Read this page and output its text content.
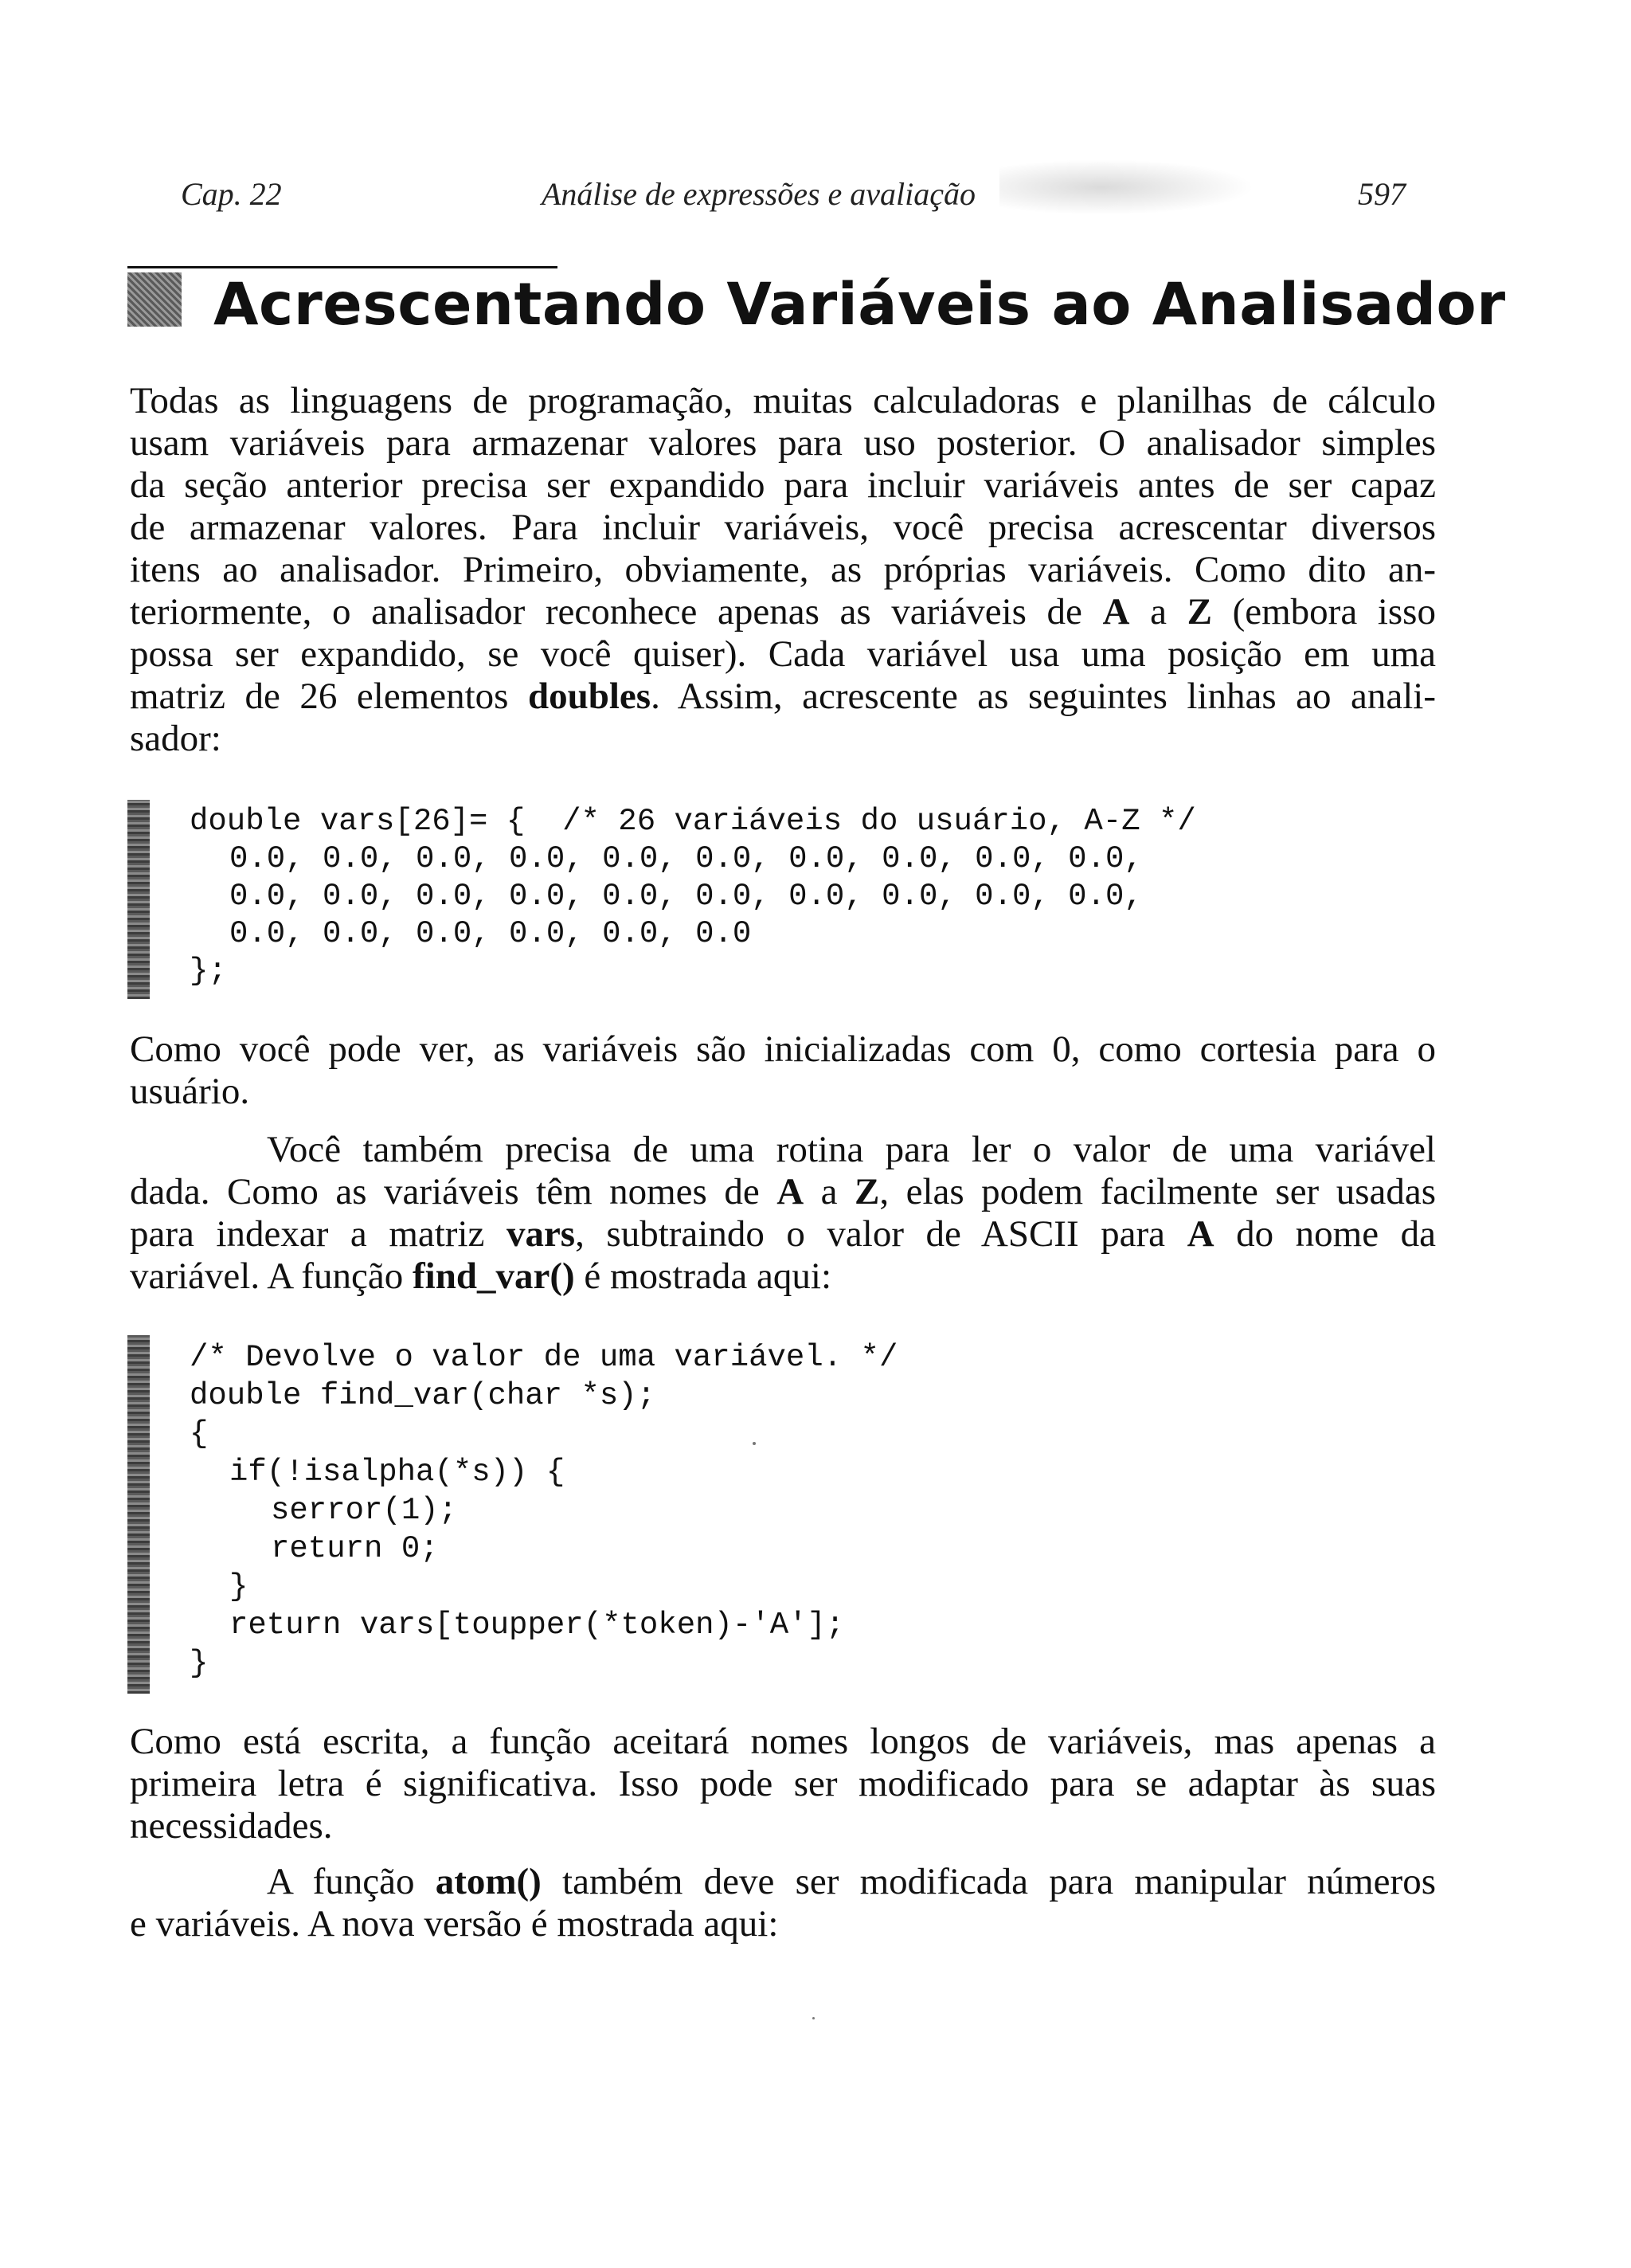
Cap. 22	Análise de expressões e avaliação	597
Acrescentando Variáveis ao Analisador
Todas as linguagens de programação, muitas calculadoras e planilhas de cálculo
usam variáveis para armazenar valores para uso posterior. O analisador simples
da seção anterior precisa ser expandido para incluir variáveis antes de ser capaz
de armazenar valores. Para incluir variáveis, você precisa acrescentar diversos
itens ao analisador. Primeiro, obviamente, as próprias variáveis. Como dito an-
teriormente, o analisador reconhece apenas as variáveis de A a Z (embora isso
possa ser expandido, se você quiser). Cada variável usa uma posição em uma
matriz de 26 elementos doubles. Assim, acrescente as seguintes linhas ao anali-
sador:
double vars[26]= {  /* 26 variáveis do usuário, A-Z */
0.0, 0.0, 0.0, 0.0, 0.0, 0.0, 0.0, 0.0, 0.0, 0.0,
0.0, 0.0, 0.0, 0.0, 0.0, 0.0, 0.0, 0.0, 0.0, 0.0,
0.0, 0.0, 0.0, 0.0, 0.0, 0.0
};
Como você pode ver, as variáveis são inicializadas com 0, como cortesia para o
usuário.
Você também precisa de uma rotina para ler o valor de uma variável
dada. Como as variáveis têm nomes de A a Z, elas podem facilmente ser usadas
para indexar a matriz vars, subtraindo o valor de ASCII para A do nome da
variável. A função find_var() é mostrada aqui:
/* Devolve o valor de uma variável. */
double find_var(char *s);
{
if(!isalpha(*s)) {
serror(1);
return 0;
}
return vars[toupper(*token)-'A'];
}
Como está escrita, a função aceitará nomes longos de variáveis, mas apenas a
primeira letra é significativa. Isso pode ser modificado para se adaptar às suas
necessidades.
A função atom() também deve ser modificada para manipular números
e variáveis. A nova versão é mostrada aqui:
